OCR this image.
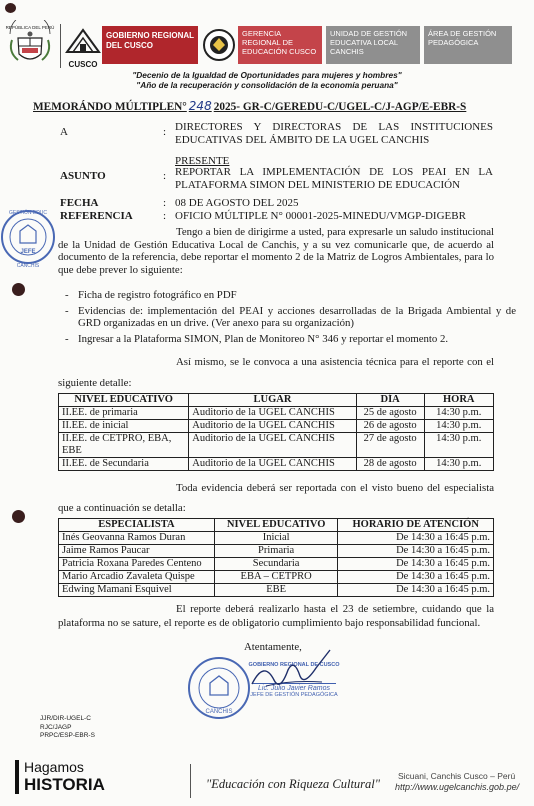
REPÚBLICA DEL PERÚ
CUSCO
GOBIERNO REGIONAL DEL CUSCO
GERENCIA REGIONAL DE EDUCACIÓN CUSCO
UNIDAD DE GESTIÓN EDUCATIVA LOCAL CANCHIS
ÁREA DE GESTIÓN PEDAGÓGICA
"Decenio de la Igualdad de Oportunidades para mujeres y hombres"
"Año de la recuperación y consolidación de la economía peruana"
MEMORÁNDO MÚLTIPLEN° 248 2025- GR-C/GEREDU-C/UGEL-C/J-AGP/E-EBR-S
A	: DIRECTORES Y DIRECTORAS DE LAS INSTITUCIONES EDUCATIVAS DEL ÁMBITO DE LA UGEL CANCHIS
PRESENTE
ASUNTO	: REPORTAR LA IMPLEMENTACIÓN DE LOS PEAI EN LA PLATAFORMA SIMON DEL MINISTERIO DE EDUCACIÓN
FECHA	: 08 DE AGOSTO DEL 2025
REFERENCIA	: OFICIO MÚLTIPLE N° 00001-2025-MINEDU/VMGP-DIGEBR
JEFE
GESTIÓN EDUC
CANCHIS
Tengo a bien de dirigirme a usted, para expresarle un saludo institucional de la Unidad de Gestión Educativa Local de Canchis, y a su vez comunicarle que, de acuerdo al documento de la referencia, debe reportar el momento 2 de la Matriz de Logros Ambientales, para lo que debe prever lo siguiente:
- Ficha de registro fotográfico en PDF
- Evidencias de: implementación del PEAI y acciones desarrolladas de la Brigada Ambiental y de GRD organizadas en un drive. (Ver anexo para su organización)
- Ingresar a la Plataforma SIMON, Plan de Monitoreo N° 346 y reportar el momento 2.
Así mismo, se le convoca a una asistencia técnica para el reporte con el siguiente detalle:
NIVEL EDUCATIVO	LUGAR	DÍA	HORA
II.EE. de primaria	Auditorio de la UGEL CANCHIS	25 de agosto	14:30 p.m.
II.EE. de inicial	Auditorio de la UGEL CANCHIS	26 de agosto	14:30 p.m.
II.EE. de CETPRO, EBA, EBE	Auditorio de la UGEL CANCHIS	27 de agosto	14:30 p.m.
II.EE. de Secundaria	Auditorio de la UGEL CANCHIS	28 de agosto	14:30 p.m.
Toda evidencia deberá ser reportada con el visto bueno del especialista que a continuación se detalla:
ESPECIALISTA	NIVEL EDUCATIVO	HORARIO DE ATENCIÓN
Inés Geovanna Ramos Duran	Inicial	De 14:30 a 16:45 p.m.
Jaime Ramos Paucar	Primaria	De 14:30 a 16:45 p.m.
Patricia Roxana Paredes Centeno	Secundaria	De 14:30 a 16:45 p.m.
Mario Arcadio Zavaleta Quispe	EBA – CETPRO	De 14:30 a 16:45 p.m.
Edwing Mamani Esquivel	EBE	De 14:30 a 16:45 p.m.
El reporte deberá realizarlo hasta el 23 de setiembre, cuidando que la plataforma no se sature, el reporte es de obligatorio cumplimiento bajo responsabilidad funcional.
Atentamente,
CANCHIS
GOBIERNO REGIONAL DE CUSCO
Lic. Julio Javier Ramos
JEFE DE GESTIÓN PEDAGÓGICA
JJR/DIR-UGEL-C
RJC/JAGP
PRPC/ESP-EBR-S
Hagamos
HISTORIA	"Educación con Riqueza Cultural"
Sicuani, Canchis Cusco – Perú
http://www.ugelcanchis.gob.pe/
